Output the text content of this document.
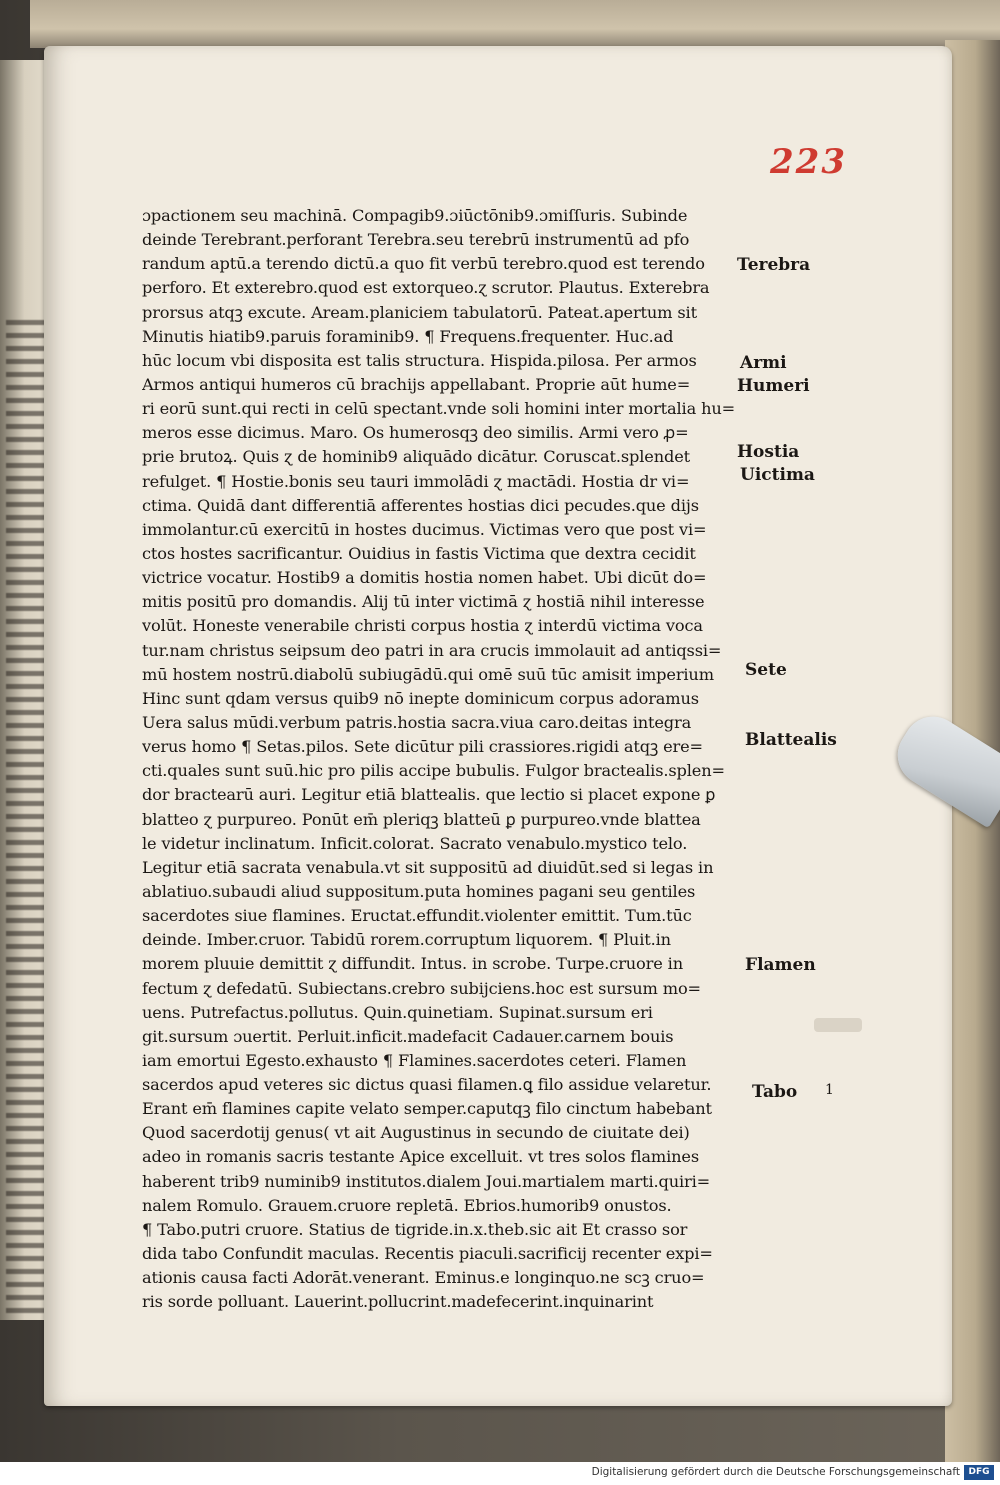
223
ɔpactionem seu machinā. Compagib9.ɔiūctōnib9.ɔmiſſuris. Subinde
deinde Terebrant.perforant Terebra.seu terebrū instrumentū ad pfo
randum aptū.a terendo dictū.a quo fit verbū terebro.quod est terendo
perforo. Et exterebro.quod est extorqueo.ɀ scrutor. Plautus. Exterebra
prorsus atqꝫ excute. Aream.planiciem tabulatorū. Pateat.apertum sit
Minutis hiatib9.paruis foraminib9. ¶ Frequens.frequenter. Huc.ad
hūc locum vbi disposita est talis structura. Hispida.pilosa. Per armos
Armos antiqui humeros cū brachijs appellabant. Proprie aūt hume=
ri eorū sunt.qui recti in celū spectant.vnde soli homini inter mortalia hu=
meros esse dicimus. Maro. Os humerosqꝫ deo similis. Armi vero ꝓ=
prie brutoꝝ. Quis ɀ de hominib9 aliquādo dicātur. Coruscat.splendet
refulget. ¶ Hostie.bonis seu tauri immolādi ɀ mactādi. Hostia dr vi=
ctima. Quidā dant differentiā afferentes hostias dici pecudes.que dijs
immolantur.cū exercitū in hostes ducimus. Victimas vero que post vi=
ctos hostes sacrificantur. Ouidius in fastis Victima que dextra cecidit
victrice vocatur. Hostib9 a domitis hostia nomen habet. Ubi dicūt do=
mitis positū pro domandis. Alij tū inter victimā ɀ hostiā nihil interesse
volūt. Honeste venerabile christi corpus hostia ɀ interdū victima voca
tur.nam christus seipsum deo patri in ara crucis immolauit ad antiqssi=
mū hostem nostrū.diabolū subiugādū.qui omē suū tūc amisit imperium
Hinc sunt qdam versus quib9 nō inepte dominicum corpus adoramus
Uera salus mūdi.verbum patris.hostia sacra.viua caro.deitas integra
verus homo ¶ Setas.pilos. Sete dicūtur pili crassiores.rigidi atqꝫ ere=
cti.quales sunt suū.hic pro pilis accipe bubulis. Fulgor bractealis.splen=
dor bractearū auri. Legitur etiā blattealis. que lectio si placet expone ꝑ
blatteo ɀ purpureo. Ponūt em̄ pleriqꝫ blatteū ꝑ purpureo.vnde blattea
le videtur inclinatum. Inficit.colorat. Sacrato venabulo.mystico telo.
Legitur etiā sacrata venabula.vt sit suppositū ad diuidūt.sed si legas in
ablatiuo.subaudi aliud suppositum.puta homines pagani seu gentiles
sacerdotes siue flamines. Eructat.effundit.violenter emittit. Tum.tūc
deinde. Imber.cruor. Tabidū rorem.corruptum liquorem. ¶ Pluit.in
morem pluuie demittit ɀ diffundit. Intus. in scrobe. Turpe.cruore in
fectum ɀ defedatū. Subiectans.crebro subijciens.hoc est sursum mo=
uens. Putrefactus.pollutus. Quin.quinetiam. Supinat.sursum eri
git.sursum ɔuertit. Perluit.inficit.madefacit Cadauer.carnem bouis
iam emortui Egesto.exhausto ¶ Flamines.sacerdotes ceteri. Flamen
sacerdos apud veteres sic dictus quasi filamen.ꝗ filo assidue velaretur.
Erant em̄ flamines capite velato semper.caputqꝫ filo cinctum habebant
Quod sacerdotij genus( vt ait Augustinus in secundo de ciuitate dei)
adeo in romanis sacris testante Apice excelluit. vt tres solos flamines
haberent trib9 numinib9 institutos.dialem Joui.martialem marti.quiri=
nalem Romulo. Grauem.cruore repletā. Ebrios.humorib9 onustos.
¶ Tabo.putri cruore. Statius de tigride.in.x.theb.sic ait Et crasso sor
dida tabo Confundit maculas. Recentis piaculi.sacrificij recenter expi=
ationis causa facti Adorāt.venerant. Eminus.e longinquo.ne scꝫ cruo=
ris sorde polluant. Lauerint.pollucrint.madefecerint.inquinarint
Terebra
Armi
Humeri
Hostia
Uictima
Sete
Blattealis
Flamen
Tabo 1
Digitalisierung gefördert durch die Deutsche Forschungsgemeinschaft DFG
